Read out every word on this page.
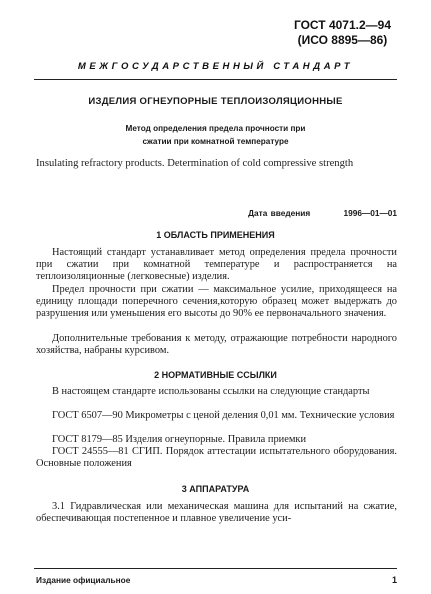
ГОСТ 4071.2—94
(ИСО 8895—86)
МЕЖГОСУДАРСТВЕННЫЙ СТАНДАРТ
ИЗДЕЛИЯ ОГНЕУПОРНЫЕ ТЕПЛОИЗОЛЯЦИОННЫЕ
Метод определения предела прочности при
сжатии при комнатной температуре
Insulating refractory products. Determination of cold compressive strength
Дата введения	1996—01—01
1 ОБЛАСТЬ ПРИМЕНЕНИЯ

Настоящий стандарт устанавливает метод определения предела прочности при сжатии при комнатной температуре и распространяется на теплоизоляционные (легковесные) изделия.

Предел прочности при сжатии — максимальное усилие, приходящееся на единицу площади поперечного сечения,которую образец может выдержать до разрушения или уменьшения его высоты до 90% ее первоначального значения.

Дополнительные требования к методу, отражающие потребности народного хозяйства, набраны курсивом.

2 НОРМАТИВНЫЕ ССЫЛКИ

В настоящем стандарте использованы ссылки на следующие стандарты

ГОСТ 6507—90 Микрометры с ценой деления 0,01 мм. Технические условия

ГОСТ 8179—85 Изделия огнеупорные. Правила приемки

ГОСТ 24555—81 СГИП. Порядок аттестации испытательного оборудования. Основные положения

3 АППАРАТУРА

3.1 Гидравлическая или механическая машина для испытаний на сжатие, обеспечивающая постепенное и плавное увеличение уси-

Издание официальное	1
